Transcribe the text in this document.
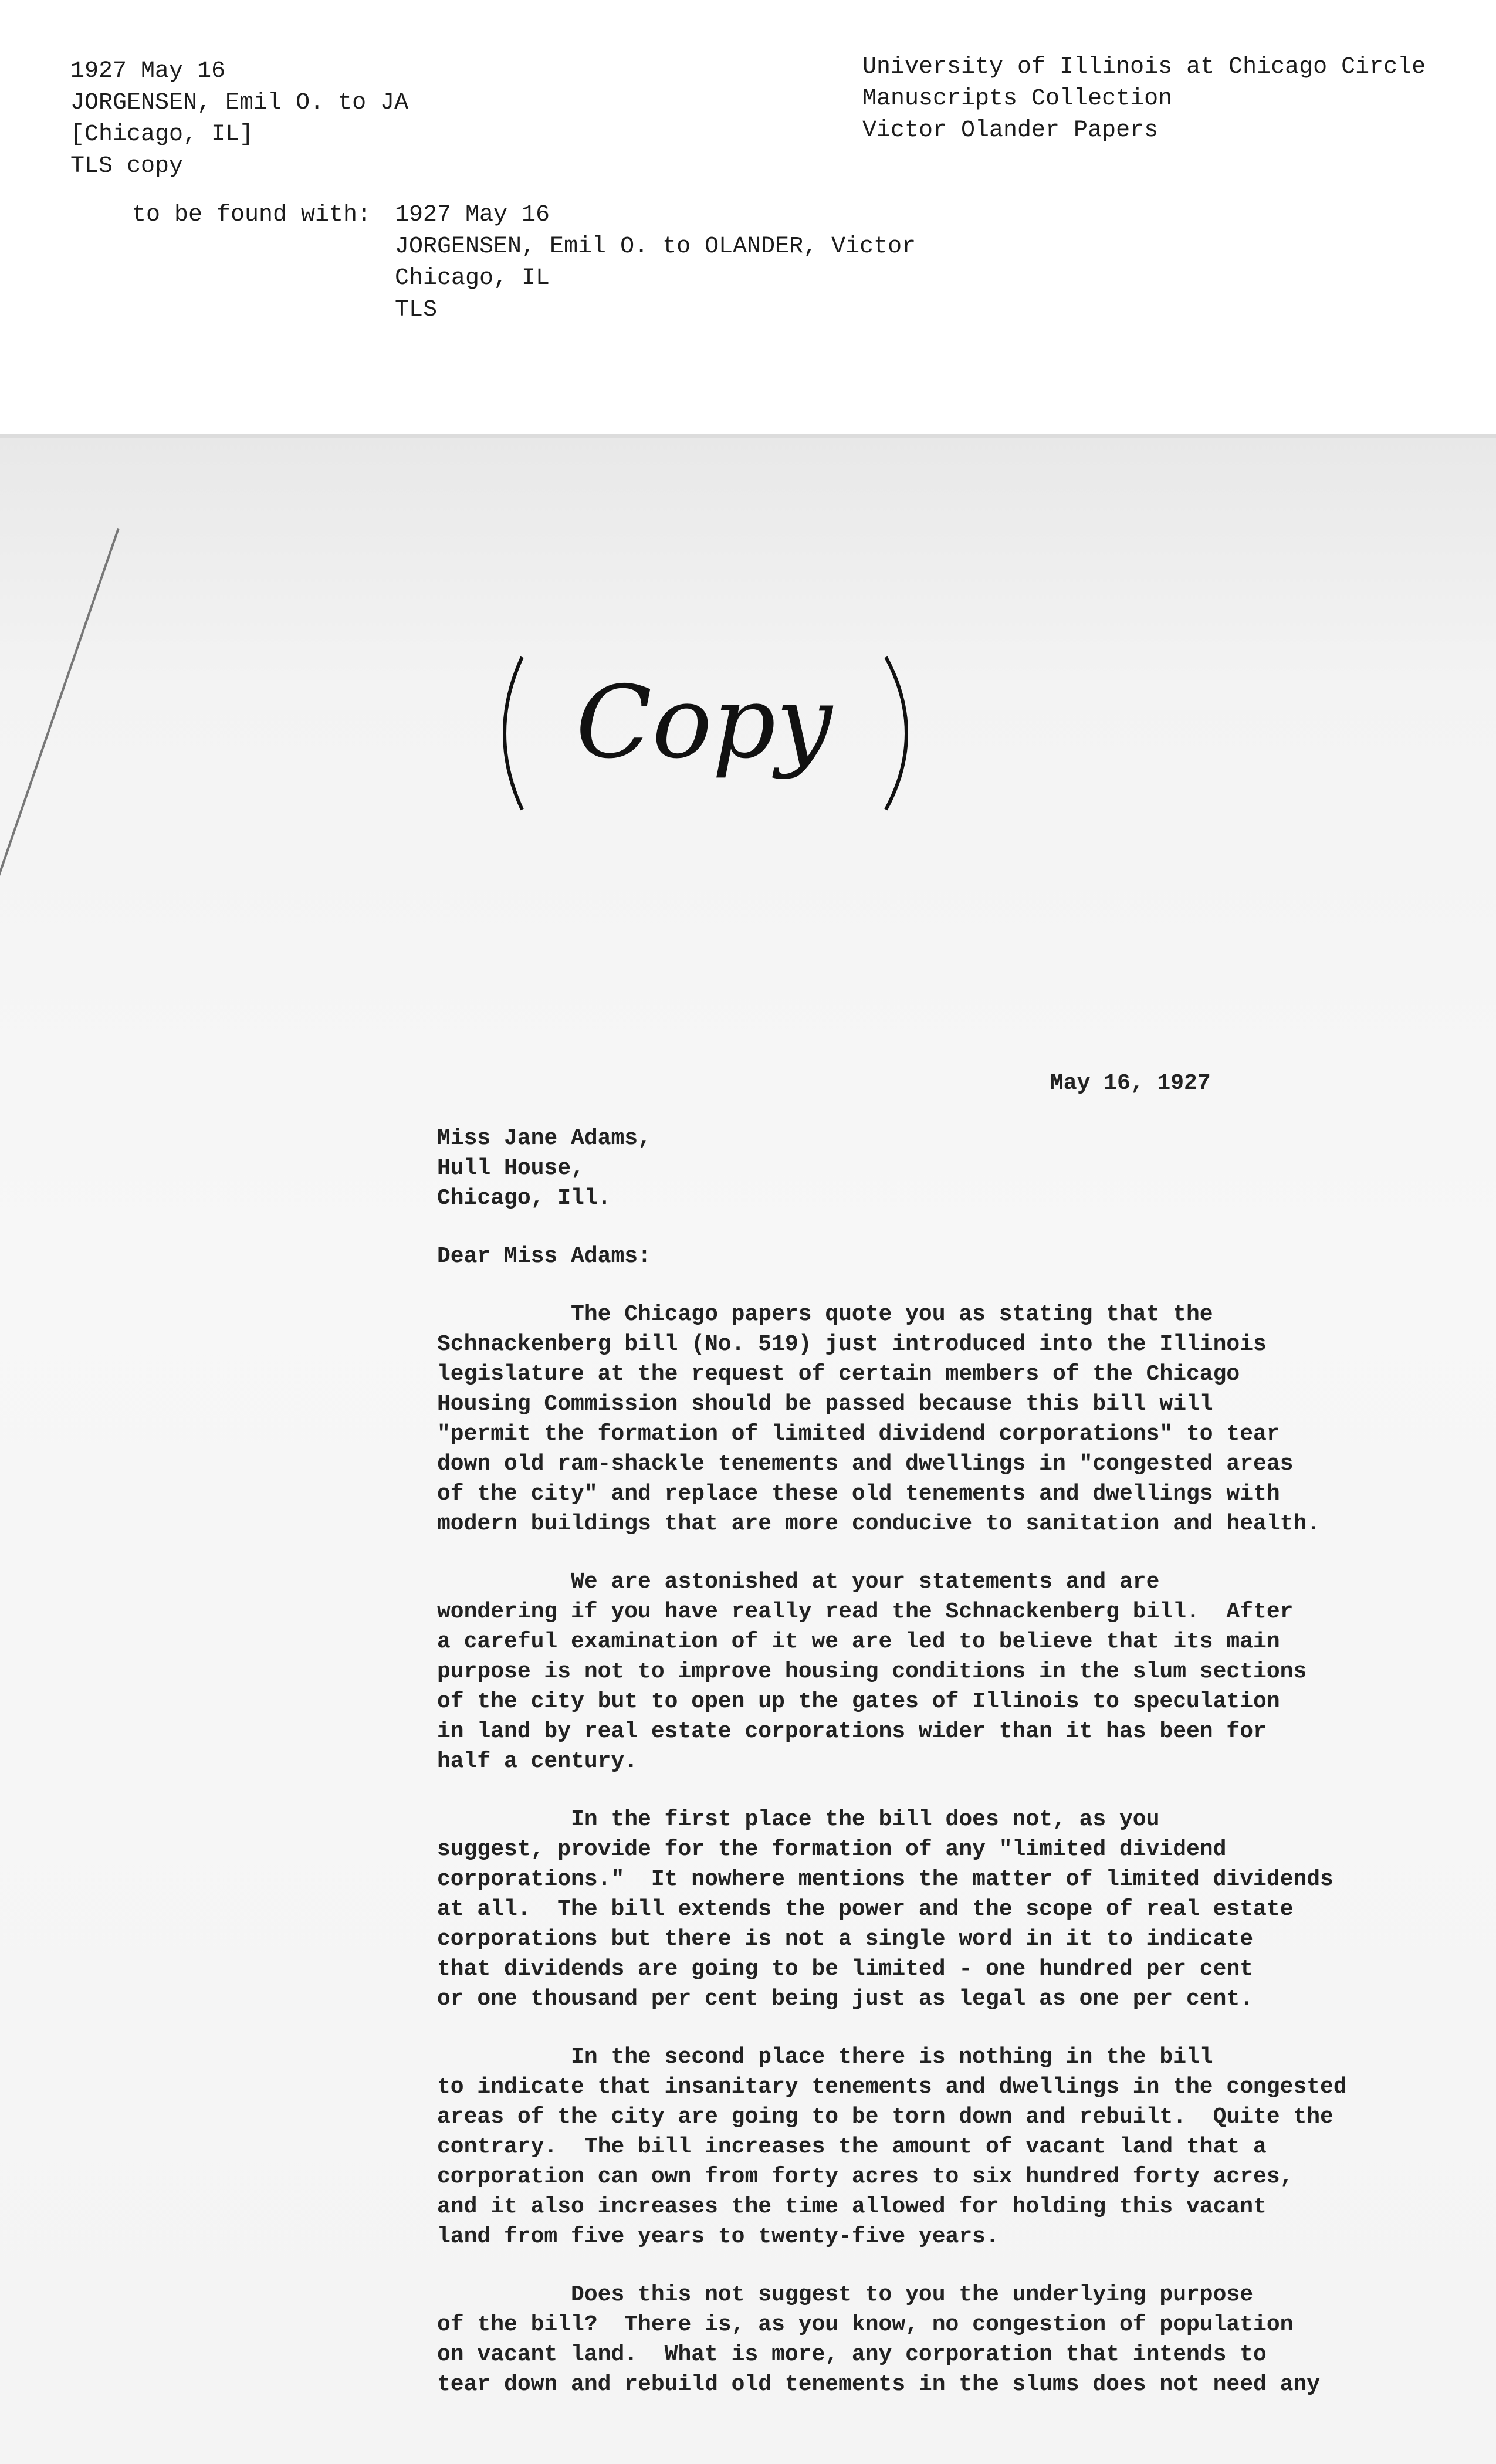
1927 May 16
JORGENSEN, Emil O. to JA
[Chicago, IL]
TLS copy
University of Illinois at Chicago Circle
Manuscripts Collection
Victor Olander Papers
to be found with: 1927 May 16
JORGENSEN, Emil O. to OLANDER, Victor
Chicago, IL
TLS
Copy
May 16, 1927

Miss Jane Adams,

Hull House,

Chicago, Ill.

Dear Miss Adams:

The Chicago papers quote you as stating that the

Schnackenberg bill (No. 519) just introduced into the Illinois

legislature at the request of certain members of the Chicago

Housing Commission should be passed because this bill will

"permit the formation of limited dividend corporations" to tear

down old ram-shackle tenements and dwellings in "congested areas

of the city" and replace these old tenements and dwellings with

modern buildings that are more conducive to sanitation and health.

We are astonished at your statements and are

wondering if you have really read the Schnackenberg bill.  After

a careful examination of it we are led to believe that its main

purpose is not to improve housing conditions in the slum sections

of the city but to open up the gates of Illinois to speculation

in land by real estate corporations wider than it has been for

half a century.

In the first place the bill does not, as you

suggest, provide for the formation of any "limited dividend

corporations."  It nowhere mentions the matter of limited dividends

at all.  The bill extends the power and the scope of real estate

corporations but there is not a single word in it to indicate

that dividends are going to be limited - one hundred per cent

or one thousand per cent being just as legal as one per cent.

In the second place there is nothing in the bill

to indicate that insanitary tenements and dwellings in the congested

areas of the city are going to be torn down and rebuilt.  Quite the

contrary.  The bill increases the amount of vacant land that a

corporation can own from forty acres to six hundred forty acres,

and it also increases the time allowed for holding this vacant

land from five years to twenty-five years.

Does this not suggest to you the underlying purpose

of the bill?  There is, as you know, no congestion of population

on vacant land.  What is more, any corporation that intends to

tear down and rebuild old tenements in the slums does not need any
